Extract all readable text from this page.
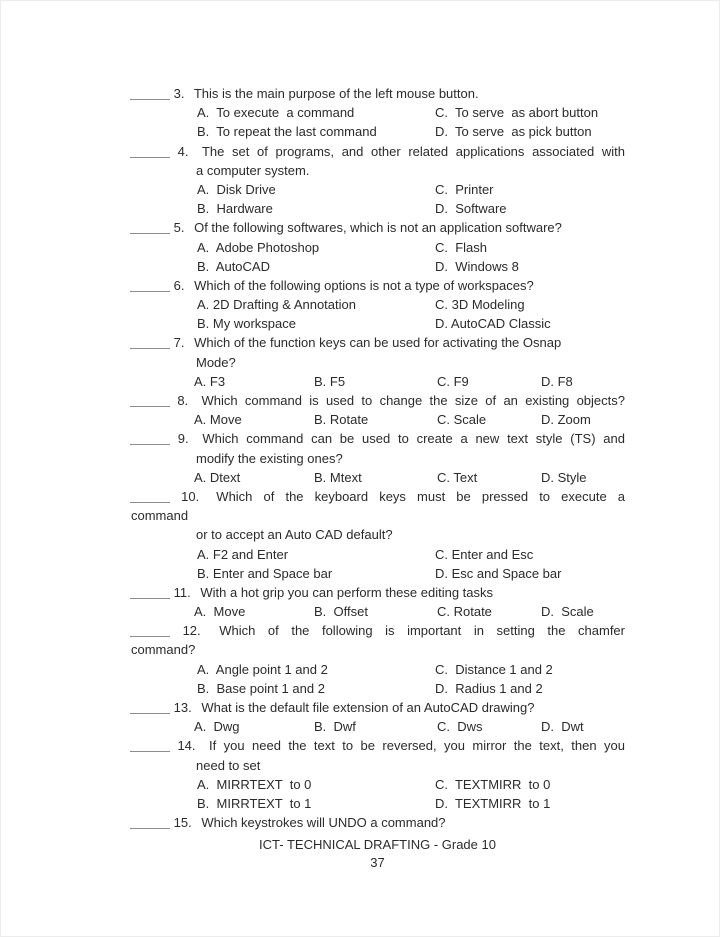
3. This is the main purpose of the left mouse button.
A.  To execute  a command	C.  To serve  as abort button
B.  To repeat the last command	D.  To serve  as pick button
4. The set of programs, and other related applications associated with
a computer system.
A.  Disk Drive	C.  Printer
B.  Hardware	D.  Software
5. Of the following softwares, which is not an application software?
A.  Adobe Photoshop	C.  Flash
B.  AutoCAD	D.  Windows 8
6. Which of the following options is not a type of workspaces?
A. 2D Drafting & Annotation	C. 3D Modeling
B. My workspace	D. AutoCAD Classic
7. Which of the function keys can be used for activating the Osnap
Mode?
A. F3	B. F5	C. F9	D. F8
8. Which command is used to change the size of an existing objects?
A. Move	B. Rotate	C. Scale	D. Zoom
9. Which command can be used to create a new text style (TS) and
modify the existing ones?
A. Dtext	B. Mtext	C. Text	D. Style
10. Which of the keyboard keys must be pressed to execute a
command
or to accept an Auto CAD default?
A. F2 and Enter	C. Enter and Esc
B. Enter and Space bar	D. Esc and Space bar
11. With a hot grip you can perform these editing tasks
A.  Move	B.  Offset	C. Rotate	D.  Scale
12. Which of the following is important in setting the chamfer
command?
A.  Angle point 1 and 2	C.  Distance 1 and 2
B.  Base point 1 and 2	D.  Radius 1 and 2
13. What is the default file extension of an AutoCAD drawing?
A.  Dwg	B.  Dwf	C.  Dws	D.  Dwt
14. If you need the text to be reversed, you mirror the text, then you
need to set
A.  MIRRTEXT  to 0	C.  TEXTMIRR  to 0
B.  MIRRTEXT  to 1	D.  TEXTMIRR  to 1
15. Which keystrokes will UNDO a command?
ICT- TECHNICAL DRAFTING - Grade 10
37
